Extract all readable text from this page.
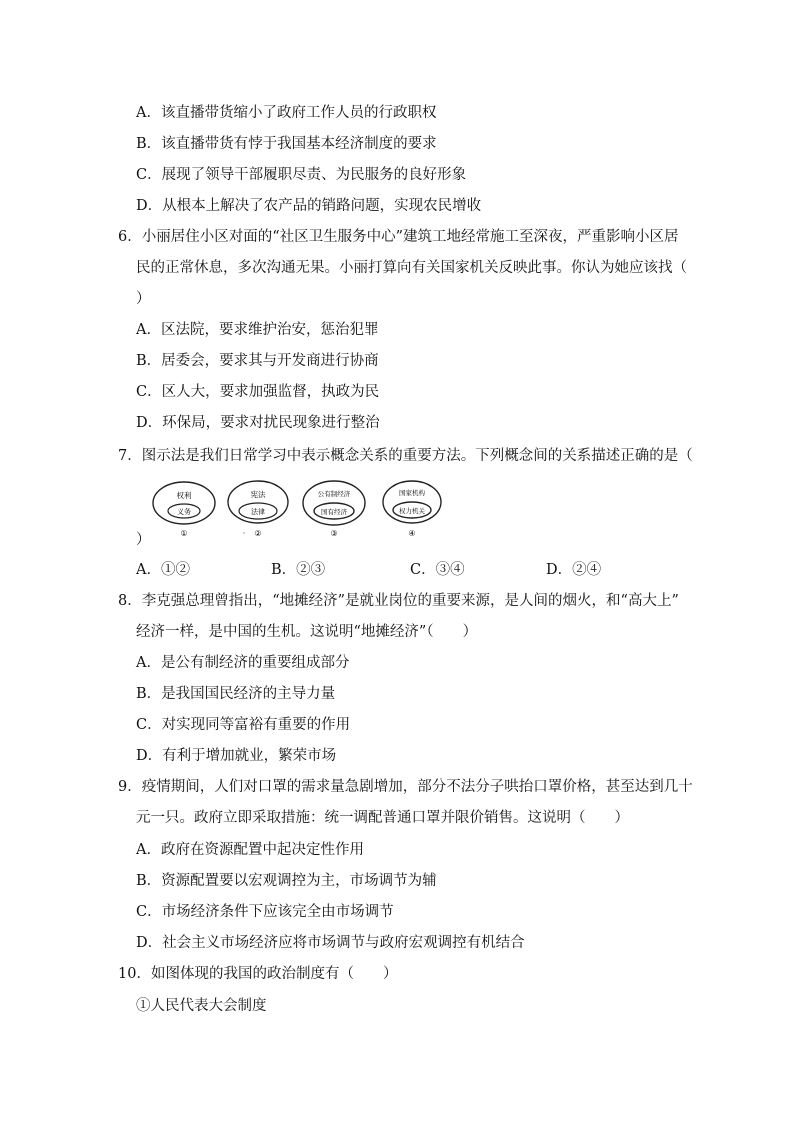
A．该直播带货缩小了政府工作人员的行政职权
B．该直播带货有悖于我国基本经济制度的要求
C．展现了领导干部履职尽责、为民服务的良好形象
D．从根本上解决了农产品的销路问题，实现农民增收
6．小丽居住小区对面的“社区卫生服务中心”建筑工地经常施工至深夜，严重影响小区居
民的正常休息，多次沟通无果。小丽打算向有关国家机关反映此事。你认为她应该找（
）
A．区法院，要求维护治安，惩治犯罪
B．居委会，要求其与开发商进行协商
C．区人大，要求加强监督，执政为民
D．环保局，要求对扰民现象进行整治
7．图示法是我们日常学习中表示概念关系的重要方法。下列概念间的关系描述正确的是（
权利
义务
①
宪法
法律
· ②
公有制经济
国有经济
③
国家机构
权力机关
④
）
A．①②	B．②③	C．③④	D．②④
8．李克强总理曾指出，“地摊经济”是就业岗位的重要来源，是人间的烟火，和“高大上”
经济一样，是中国的生机。这说明“地摊经济”（　　）
A．是公有制经济的重要组成部分
B．是我国国民经济的主导力量
C．对实现同等富裕有重要的作用
D．有利于增加就业，繁荣市场
9．疫情期间，人们对口罩的需求量急剧增加，部分不法分子哄抬口罩价格，甚至达到几十
元一只。政府立即采取措施：统一调配普通口罩并限价销售。这说明（　　）
A．政府在资源配置中起决定性作用
B．资源配置要以宏观调控为主，市场调节为辅
C．市场经济条件下应该完全由市场调节
D．社会主义市场经济应将市场调节与政府宏观调控有机结合
10．如图体现的我国的政治制度有（　　）
①人民代表大会制度
